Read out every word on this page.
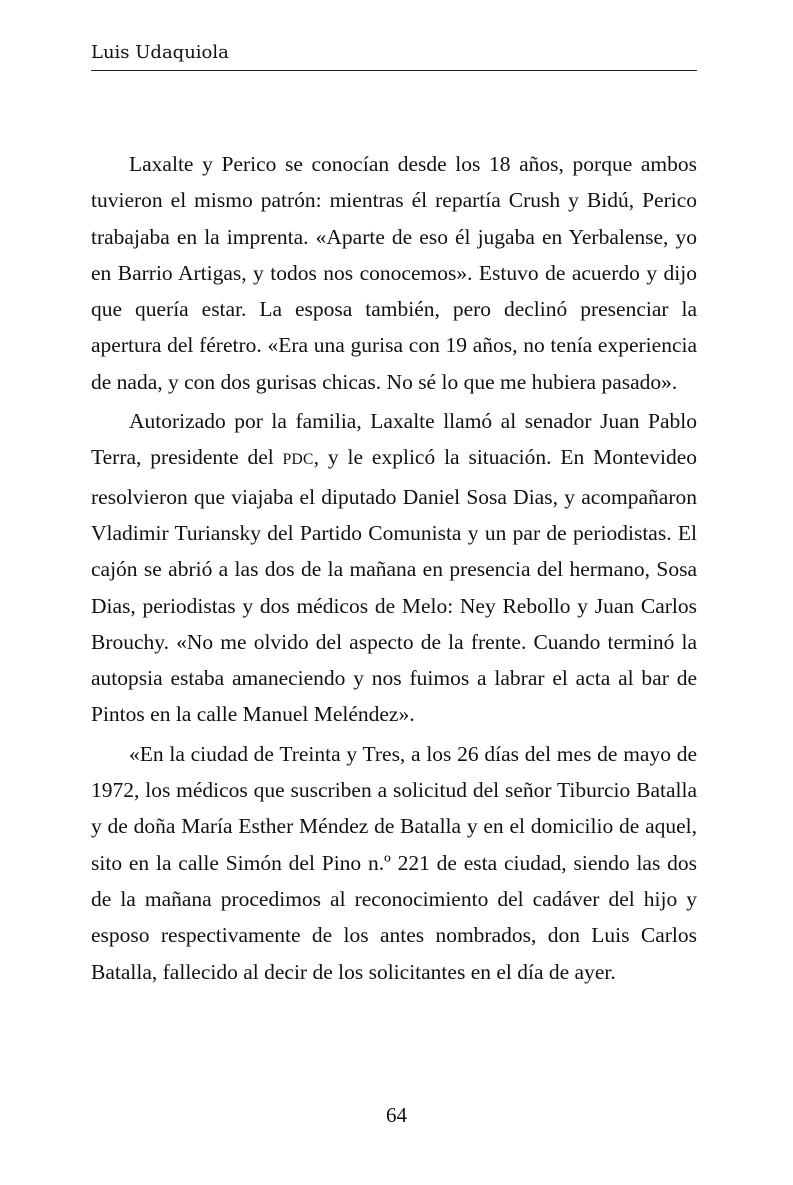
Luis Udaquiola

Laxalte y Perico se conocían desde los 18 años, porque ambos tuvieron el mismo patrón: mientras él repartía Crush y Bidú, Perico trabajaba en la imprenta. «Aparte de eso él jugaba en Yerbalense, yo en Barrio Artigas, y todos nos conocemos». Estuvo de acuerdo y dijo que quería estar. La esposa también, pero declinó presenciar la apertura del féretro. «Era una gurisa con 19 años, no tenía experiencia de nada, y con dos gurisas chicas. No sé lo que me hubiera pasado».

Autorizado por la familia, Laxalte llamó al senador Juan Pablo Terra, presidente del PDC, y le explicó la situación. En Montevideo resolvieron que viajaba el diputado Daniel Sosa Dias, y acompañaron Vladimir Turiansky del Partido Comunista y un par de periodistas. El cajón se abrió a las dos de la mañana en presencia del hermano, Sosa Dias, periodistas y dos médicos de Melo: Ney Rebollo y Juan Carlos Brouchy. «No me olvido del aspecto de la frente. Cuando terminó la autopsia estaba amaneciendo y nos fuimos a labrar el acta al bar de Pintos en la calle Manuel Meléndez».

«En la ciudad de Treinta y Tres, a los 26 días del mes de mayo de 1972, los médicos que suscriben a solicitud del señor Tiburcio Batalla y de doña María Esther Méndez de Batalla y en el domicilio de aquel, sito en la calle Simón del Pino n.º 221 de esta ciudad, siendo las dos de la mañana procedimos al reconocimiento del cadáver del hijo y esposo respectivamente de los antes nombrados, don Luis Carlos Batalla, fallecido al decir de los solicitantes en el día de ayer.

64
